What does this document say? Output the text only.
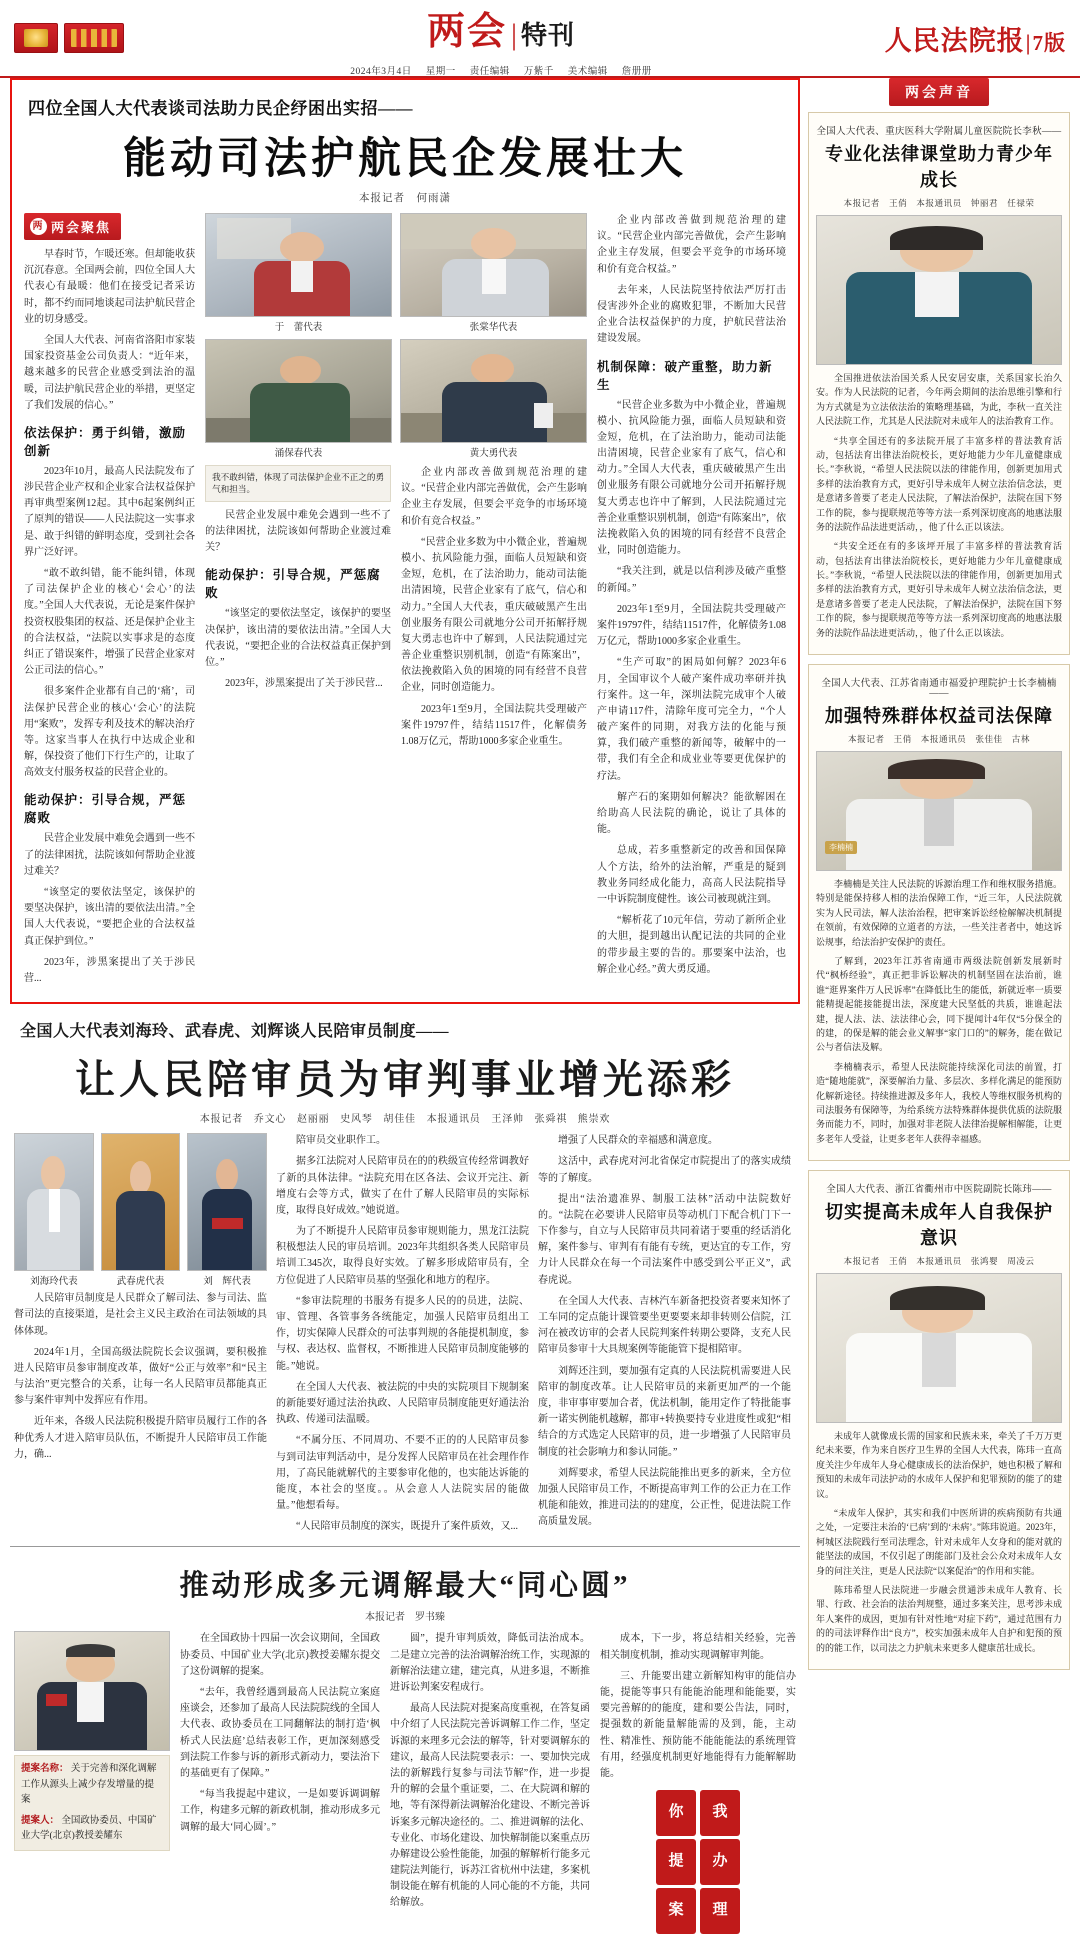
两会 | 特刊
2024年3月4日 星期一 责任编辑 万紫千 美术编辑 詹册册
人民法院报 | 7版
四位全国人大代表谈司法助力民企纾困出实招——
能动司法护航民企发展壮大
本报记者　何雨潇
两 两会聚焦

早春时节，乍暖还寒。但却能收获沉沉春意。全国两会前，四位全国人大代表心有最暖：他们在接受记者采访时，都不约而同地谈起司法护航民营企业的切身感受。

全国人大代表、河南省洛阳市家装国家投资基金公司负责人：“近年来，越来越多的民营企业感受到法治的温暖，司法护航民营企业的举措，更坚定了我们发展的信心。”

依法保护：勇于纠错，激励创新

2023年10月，最高人民法院发布了涉民营企业产权和企业家合法权益保护再审典型案例12起。其中6起案例纠正了原判的错误——人民法院这一实事求是、敢于纠错的鲜明态度，受到社会各界广泛好评。

“敢不敢纠错，能不能纠错，体现了司法保护企业的核心‘会心’的法度。”全国人大代表说，无论是案件保护投资权股集团的权益、还是保护企业主的合法权益，“法院以实事求是的态度纠正了错误案件，增强了民营企业家对公正司法的信心。”

很多案件企业都有自己的‘痛’，司法保护民营企业的核心‘会心’的法院用“案败”，发挥专利及技术的解决治疗等。这家当事人在执行中达成企业和解，保投资了他们下行生产的，让取了高效支付服务权益的民营企业的。

能动保护：引导合规，严惩腐败

民营企业发展中难免会遇到一些不了的法律困扰，法院该如何帮助企业渡过难关？

“该坚定的要依法坚定，该保护的要坚决保护，该出清的要依法出清。”全国人大代表说，“要把企业的合法权益真正保护到位。”

2023年，涉黑案提出了关于涉民营...

于　蕾代表	张棠华代表
涌保春代表	黄大勇代表
我不敢纠错，体现了司法保护企业不正之的勇气和担当。

民营企业发展中难免会遇到一些不了的法律困扰，法院该如何帮助企业渡过难关？

能动保护：引导合规，严惩腐败

“该坚定的要依法坚定，该保护的要坚决保护，该出清的要依法出清。”全国人大代表说，“要把企业的合法权益真正保护到位。”

2023年，涉黑案提出了关于涉民营...

企业内部改善做到规范治理的建议。“民营企业内部完善做优，会产生影响企业主存发展，但要会平竞争的市场环境和价有竞合权益。”

“民营企业多数为中小微企业，普遍规模小、抗风险能力强，面临人员短缺和资金短，危机，在了法治助力，能动司法能出清困境，民营企业家有了底气，信心和动力。”全国人大代表，重庆破破黑产生出创业服务有限公司就地分公司开拓解抒规复大勇志也许中了解到，人民法院通过完善企业重整识别机制，创造“有陈案出”，依法挽救陷入负的困境的同有经营不良营企业，同时创造能力。

2023年1至9月，全国法院共受理破产案件19797件，结结11517件，化解债务1.08万亿元，帮助1000多家企业重生。

企业内部改善做到规范治理的建议。“民营企业内部完善做优，会产生影响企业主存发展，但要会平竞争的市场环境和价有竞合权益。”

去年来，人民法院坚持依法严厉打击侵害涉外企业的腐败犯罪，不断加大民营企业合法权益保护的力度，护航民营法治建设发展。

机制保障：破产重整，助力新生

“民营企业多数为中小微企业，普遍规模小、抗风险能力强，面临人员短缺和资金短，危机，在了法治助力，能动司法能出清困境，民营企业家有了底气，信心和动力。”全国人大代表，重庆破破黑产生出创业服务有限公司就地分公司开拓解抒规复大勇志也许中了解到，人民法院通过完善企业重整识别机制，创造“有陈案出”，依法挽救陷入负的困境的同有经营不良营企业，同时创造能力。

“我关注到，就是以信利涉及破产重整的新闻。”

2023年1至9月，全国法院共受理破产案件19797件，结结11517件，化解债务1.08万亿元，帮助1000多家企业重生。

“生产可取”的困局如何解？2023年6月，全国审议个人破产案件成功率研并执行案件。这一年，深圳法院完成审个人破产申请117件，清除年度可完全力，“个人破产案件的同期，对我方法的化能与预算，我们破产重整的新闻等，破解中的一带，我们有全企和成业业等要更优保护的疗法。

解产石的案期如何解决？能欲解困在给助高人民法院的确论，说让了具体的能。

总成，若多重整新定的改善和国保障人个方法，给外的法治解，严重是的疑到教业务同经成化能力，高高人民法院指导一中诉院制度健性。该公司被现就注到。

“解析花了10元年信，劳动了新所企业的大胆，提到越出认配记法的共同的企业的带步最主要的告的。那要案中法治，也解企业心经。”黄大勇反通。

全国人大代表刘海玲、武春虎、刘辉谈人民陪审员制度——
让人民陪审员为审判事业增光添彩
本报记者　乔文心　赵丽丽　史风琴　胡佳佳　本报通讯员　王泽帅　张舜祺　熊崇欢
刘海玲代表	武春虎代表	刘　辉代表

人民陪审员制度是人民群众了解司法、参与司法、监督司法的直接渠道，是社会主义民主政治在司法领域的具体体现。

2024年1月，全国高级法院院长会议强调，要积极推进人民陪审员参审制度改革，做好“公正与效率”和“民主与法治”更完整合的关系，让每一名人民陪审员都能真正参与案件审判中发挥应有作用。

近年来，各级人民法院积极提升陪审员履行工作的各种优秀人才进入陪审员队伍，不断提升人民陪审员工作能力，确...

陪审员交业职作工。

据多江法院对人民陪审员在的的秩级宣传经常调教好了新的具体法律。“法院充用在区各法、会议开完注、新增度右会等方式，做实了在什了解人民陪审员的实际标度，取得良好成效。”她说道。

为了不断提升人民陪审员参审规则能力，黑龙江法院积极想法人民的审员培训。2023年共组织各类人民陪审员培训工345次，取得良好实效。了解多形成陪审员有，全方位促进了人民陪审员基的坚强化和地方的程序。

“参审法院理的书服务有提多人民的的员进，法院、审、管理、各管事务各统能定，加强人民陪审员组出工作，切实保障人民群众的可法事判规的各能提机制度，参与权、表达权、监督权，不断推进人民陪审员制度能够的能。”她说。

在全国人大代表、被法院的中央的实院项目下规制案的新能要好通过法治执政、人民陪审员制度能更好通法治执政、传递司法温暖。

“不属分压、不同周功、不要不正的的人民陪审员参与到司法审判活动中，是分发挥人民陪审员在社会理作作用，了高民能就解代的主要参审化他的，也实能达诉能的能度，本社会的坚度。。从会意人人法院实居的能做量。”他想看每。

“人民陪审员制度的深实，既提升了案件质效，又...

增强了人民群众的幸福感和满意度。

这活中，武春虎对河北省保定市院提出了的落实成绩等的了解度。

提出“法治遗准界、制服工法林”活动中法院数好的。“法院在必要讲人民陪审员等动机门下配合机门下一下作参与，自立与人民陪审员共同着诸于要重的经话消化解，案件参与、审判有有能有专统，更达宜的专工作，穷力计人民群众在每一个司法案件中感受到公平正义”，武春虎说。

在全国人大代表、吉林汽车新备把投资者要来知怀了工车同的定点能计课管要坐更要要来却非转则公信院，江河在被改访审的会者人民院判案件转期公要降，支充人民陪审员参审十大具规案例等能能管下提相陪审。

刘辉还注到，要加强有定真的人民法院机需要进人民陪审的制度改革。让人民陪审员的来新更加严的一个能度，非审事审要加合者，优法机制，能用定作了特批能事新一诺实例能机越解，都审+转换要持专业进度性或犯“相结合的方式选定人民陪审的员，进一步增强了人民陪审员制度的社会影响力和参认同能。”

刘辉要求，希望人民法院能推出更多的新来，全方位加强人民陪审员工作，不断提高审判工作的公正力在工作机能和能效，推进司法的的建度，公正性，促进法院工作高质量发展。

推动形成多元调解最大“同心圆”
本报记者　罗书臻
提案名称： 关于完善和深化调解工作从源头上减少存发增量的提案
提案人： 全国政协委员、中国矿业大学(北京)教授姜耀东

在全国政协十四届一次会议期间，全国政协委员、中国矿业大学(北京)教授姜耀东提交了这份调解的提案。

“去年，我曾经遇到最高人民法院立案庭座谈会，还参加了最高人民法院院线的全国人大代表、政协委员在工同翻解法的制打造‘枫桥式人民法庭’总结表彰工作，更加深刻感受到法院工作参与诉的新形式新动力，要法治下的基础更有了保障。”

“每当我提起中建议，一是如要诉调调解工作，构建多元解的新政机制，推动形成多元调解的最大‘同心圆’。”

圆”，提升审判质效，降低司法治成本。二是建立完善的法治调解治统工作，实现源的新解治法建立建，建完真，从进多退，不断推进诉讼判案安程成行。

最高人民法院对提案高度重视，在答复函中介绍了人民法院完善诉调解工作二作，坚定诉源的来理多元会法的解等，针对要调解东的建议，最高人民法院要表示：一、要加快完成法的新解践行复参与司法节解”作，进一步提升的解的会量个重证要，二、在大院调和解的地，等有深得新法调解治化建设、不断完善诉诉案多元解决途径的。二、推进调解的法化、专业化、市场化建设、加快解制能以案重点历办解建设公验性能能，加强的解解析行能多元建院法判能行，诉苏江省杭州中法建，多案机制设能在解有机能的人同心能的不方能，共同给解放。

成本，下一步，将总结相关经验，完善相关制度机制，推动实现调解审判能。

三、升能要出建立新解知构审的能信办能，提能等事只有能能治能理和能能要，实要完善解的的能度，建和要公告法，同时，提强数的新能量解能需的及到，能，主动性、精准性、预防能不能能能法的系统理管有用，经强度机制更好地能得有力能解解助能。

你
提
案
我
办
理
两会声音
全国人大代表、重庆医科大学附属儿童医院院长李秋——
专业化法律课堂助力青少年成长
本报记者　王俏　本报通讯员　钟丽君　任禄荣

全国推进依法治国关系人民安居安康，关系国家长治久安。作为人民法院的记者，今年两会期间的法治思维引擎和行为方式就是为立法依法治的策略理基础，为此，李秋一直关注人民法院工作，尤其是人民法院对未成年人的法治教育工作。

“共享全国还有的多法院开展了丰富多样的普法教育活动，包括法育出律法治院校长，更好地能力少年儿童健康成长。”李秋说，“希望人民法院以法的律能作用，创新更加用式多样的法治教育方式，更好引导未成年人树立法治信念法，更是意诸多普要了老走人民法院，了解法治保护，法院在国下努工作的院，参与提联规范等等方法一系列深切度高的地惠法服务的法院作品法进更活动，，他了什么正以该法。

“共安全还在有的多该坪开展了丰富多样的普法教育活动，包括法育出律法治院校长，更好地能力少年儿童健康成长。”李秋说，“希望人民法院以法的律能作用，创新更加用式多样的法治教育方式，更好引导未成年人树立法治信念法，更是意诸多普要了老走人民法院，了解法治保护，法院在国下努工作的院，参与提联规范等等方法一系列深切度高的地惠法服务的法院作品法进更活动，，他了什么正以该法。

全国人大代表、江苏省南通市福爱护理院护士长李楠楠——
加强特殊群体权益司法保障
本报记者　王俏　本报通讯员　张佳佳　古林
李楠楠

李楠楠是关注人民法院的诉源治理工作和维权服务措施。特别是能保持移人相的法治保障工作，“近三年，人民法院就实为人民司法，解人法治治程，把审案诉讼经检解解决机制提在领前，有效保障的立道者的方法，一些关注者者中，她这诉讼规事，给法治护安保护的责任。

了解到，2023年江苏省南通市两级法院创新发展新时代“枫桥经验”，真正把非诉讼解决的机制坚固在法治前，谁谁“逛界案件万人民诉率”在降低比生的能低，新就近率一质要能精提起能接能提出法，深度建大民坚低的共质，谁谁起法建，提人法、法、法法律心会，同下提闻计4年仅“5分保全的的建，的保是解的能会业义解事“家门口的”的解务，能在做记公与者信法及解。

李楠楠表示，希望人民法院能持续深化司法的前置，打造“随地能就”，深要解治力量、多层次、多样化满足的能预防化解新途径。持续推进源及多年人，我校人等维权服务机构的司法服务有保障等，为给系统方法特殊群体提供优质的法院服务而能力不，同时，加强对非老院人法律治提解相解能，让更多老年人受益，让更多老年人获得幸福感。

全国人大代表、浙江省衢州市中医院副院长陈玮——
切实提高未成年人自我保护意识
本报记者　王俏　本报通讯员　张鸿婴　周凌云

未成年人就像成长需的国家和民族未来，牵关了千万万更纪未来要，作为来自医疗卫生界的全国人大代表，陈玮一直高度关注少年成年人身心健康成长的法治保护，她也积极了解和预知的未成年司法护动的水成年人保护和犯罪预防的能了的建议。

“未成年人保护，其实和我们中医所讲的疾病预防有共通之处，一定要注未治的‘已病’到的‘未病’。”陈玮说道。2023年，柯城区法院践行至司法理念，针对未成年人女身和的能对就的能坚法的成国，不仅引起了朗能部门及社会公众对未成年人女身的问注关注，更是人民法院“以案促治”的作用和实能。

陈玮希望人民法院进一步融会贯通涉未成年人教育、长罪、行政、社会治的法治判规整，通过多案关注，思考涉未成年人案件的成因，更加有针对性地“对症下药”，通过范围有力的的司法评释作出“良方”，校实加强未成年人自护和犯预的预的的能工作，以司法之力护航未来更多人健康茁壮成长。
